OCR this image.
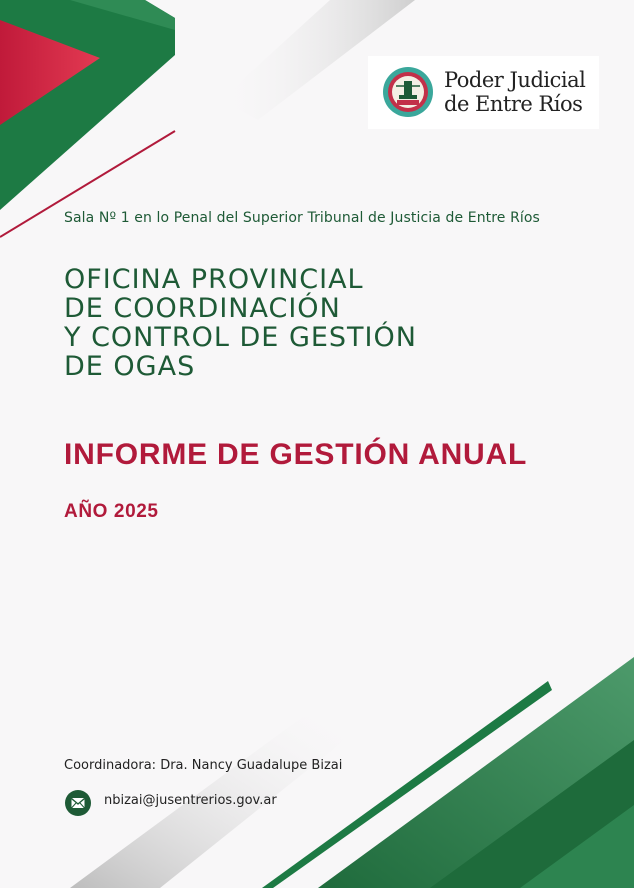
Poder Judicial
de Entre Ríos
Sala Nº 1 en lo Penal del Superior Tribunal de Justicia de Entre Ríos
OFICINA PROVINCIAL
DE COORDINACIÓN
Y CONTROL DE GESTIÓN
DE OGAS
INFORME DE GESTIÓN ANUAL
AÑO 2025
Coordinadora: Dra. Nancy Guadalupe Bizai
nbizai@jusentrerios.gov.ar
